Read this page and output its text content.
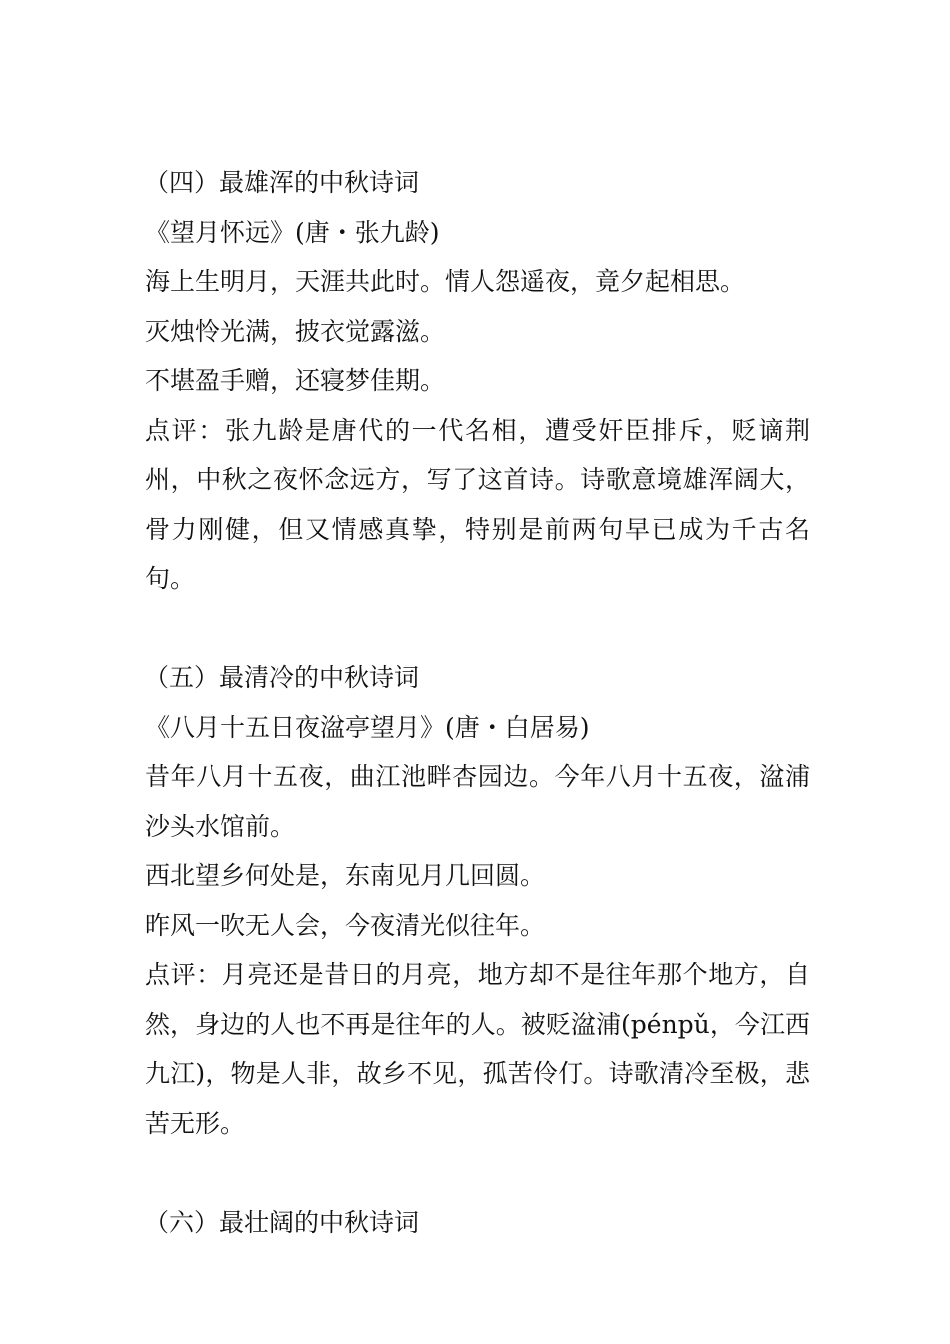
（四）最雄浑的中秋诗词
《望月怀远》(唐・张九龄)
海上生明月，天涯共此时。情人怨遥夜，竟夕起相思。
灭烛怜光满，披衣觉露滋。
不堪盈手赠，还寝梦佳期。
点评：张九龄是唐代的一代名相，遭受奸臣排斥，贬谪荆州，中秋之夜怀念远方，写了这首诗。诗歌意境雄浑阔大，骨力刚健，但又情感真挚，特别是前两句早已成为千古名句。
（五）最清冷的中秋诗词
《八月十五日夜湓亭望月》(唐・白居易)
昔年八月十五夜，曲江池畔杏园边。今年八月十五夜，湓浦沙头水馆前。
西北望乡何处是，东南见月几回圆。
昨风一吹无人会，今夜清光似往年。
点评：月亮还是昔日的月亮，地方却不是往年那个地方，自然，身边的人也不再是往年的人。被贬湓浦(pénpǔ，今江西九江)，物是人非，故乡不见，孤苦伶仃。诗歌清冷至极，悲苦无形。
（六）最壮阔的中秋诗词
